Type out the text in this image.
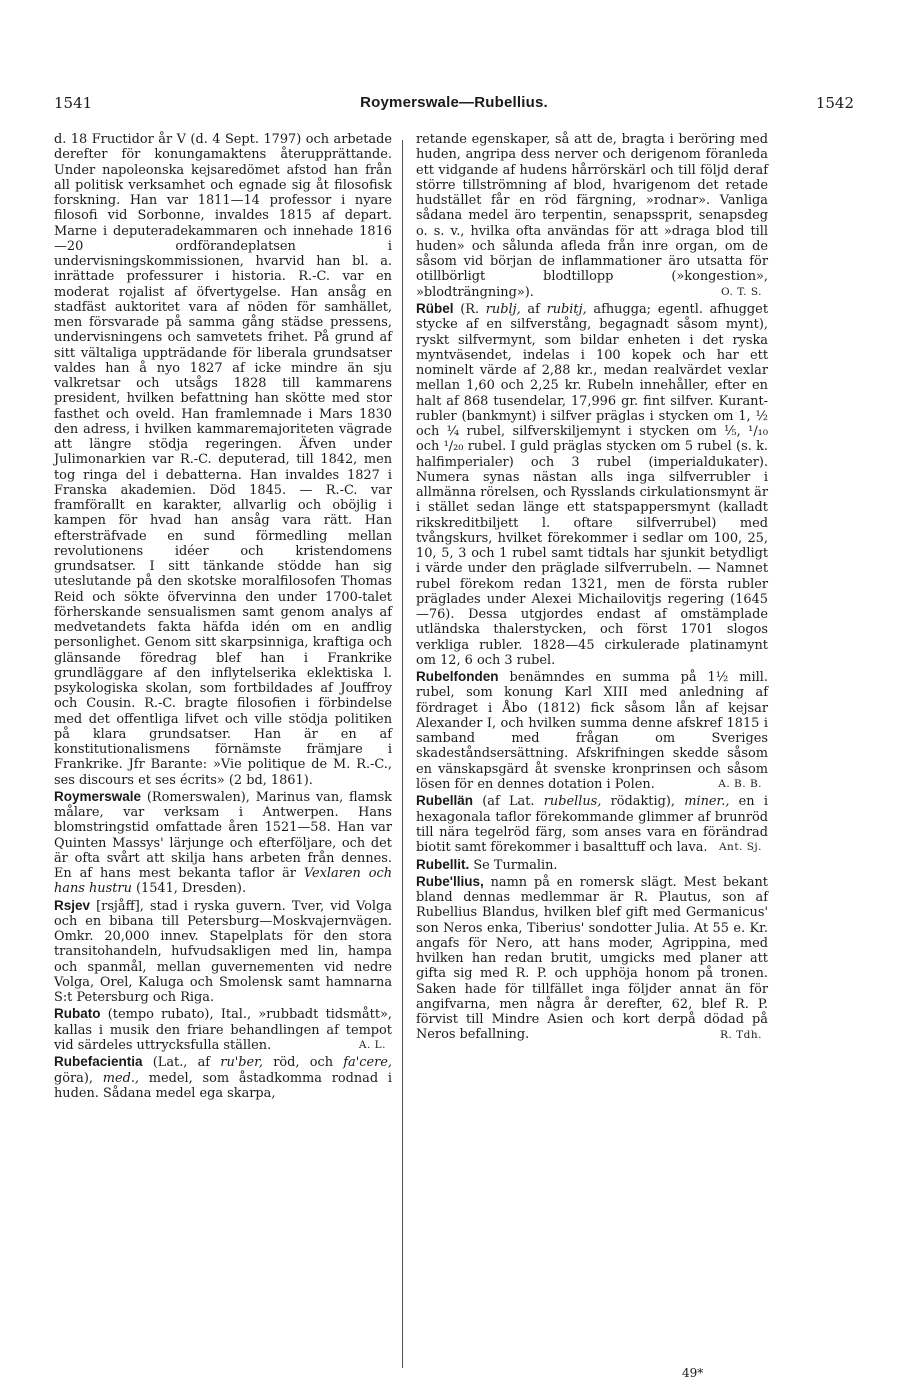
1541	Roymerswale—Rubellius.	1542

d. 18 Fructidor år V (d. 4 Sept. 1797) och arbetade derefter för konungamaktens återupprättande. Under napoleonska kejsaredömet afstod han från all politisk verksamhet och egnade sig åt filosofisk forskning. Han var 1811—14 professor i nyare filosofi vid Sorbonne, invaldes 1815 af depart. Marne i deputeradekammaren och innehade 1816—20 ordförandeplatsen i undervisningskommissionen, hvarvid han bl. a. inrättade professurer i historia. R.-C. var en moderat rojalist af öfvertygelse. Han ansåg en stadfäst auktoritet vara af nöden för samhället, men försvarade på samma gång städse pressens, undervisningens och samvetets frihet. På grund af sitt vältaliga uppträdande för liberala grundsatser valdes han å nyo 1827 af icke mindre än sju valkretsar och utsågs 1828 till kammarens president, hvilken befattning han skötte med stor fasthet och oveld. Han framlemnade i Mars 1830 den adress, i hvilken kammaremajoriteten vägrade att längre stödja regeringen. Äfven under Julimonarkien var R.-C. deputerad, till 1842, men tog ringa del i debatterna. Han invaldes 1827 i Franska akademien. Död 1845. — R.-C. var framförallt en karakter, allvarlig och oböjlig i kampen för hvad han ansåg vara rätt. Han eftersträfvade en sund förmedling mellan revolutionens idéer och kristendomens grundsatser. I sitt tänkande stödde han sig uteslutande på den skotske moralfilosofen Thomas Reid och sökte öfvervinna den under 1700-talet förherskande sensualismen samt genom analys af medvetandets fakta häfda idén om en andlig personlighet. Genom sitt skarpsinniga, kraftiga och glänsande föredrag blef han i Frankrike grundläggare af den inflytelserika eklektiska l. psykologiska skolan, som fortbildades af Jouffroy och Cousin. R.-C. bragte filosofien i förbindelse med det offentliga lifvet och ville stödja politiken på klara grundsatser. Han är en af konstitutionalismens förnämste främjare i Frankrike. Jfr Barante: »Vie politique de M. R.-C., ses discours et ses écrits» (2 bd, 1861).

Roymerswale (Romerswalen), Marinus van, flamsk målare, var verksam i Antwerpen. Hans blomstringstid omfattade åren 1521—58. Han var Quinten Massys' lärjunge och efterföljare, och det är ofta svårt att skilja hans arbeten från dennes. En af hans mest bekanta taflor är Vexlaren och hans hustru (1541, Dresden).

Rsjev [rsjåff], stad i ryska guvern. Tver, vid Volga och en bibana till Petersburg—Moskvajernvägen. Omkr. 20,000 innev. Stapelplats för den stora transitohandeln, hufvudsakligen med lin, hampa och spanmål, mellan guvernementen vid nedre Volga, Orel, Kaluga och Smolensk samt hamnarna S:t Petersburg och Riga.

Rubato (tempo rubato), Ital., »rubbadt tidsmått», kallas i musik den friare behandlingen af tempot vid särdeles uttrycksfulla ställen.	A. L.

Rubefacientia (Lat., af ru'ber, röd, och fa'cere, göra), med., medel, som åstadkomma rodnad i huden. Sådana medel ega skarpa,

retande egenskaper, så att de, bragta i beröring med huden, angripa dess nerver och derigenom föranleda ett vidgande af hudens hårrörskärl och till följd deraf större tillströmning af blod, hvarigenom det retade hudstället får en röd färgning, »rodnar». Vanliga sådana medel äro terpentin, senapssprit, senapsdeg o. s. v., hvilka ofta användas för att »draga blod till huden» och sålunda afleda från inre organ, om de såsom vid början de inflammationer äro utsatta för otillbörligt blodtillopp (»kongestion», »blodträngning»).	O. T. S.

Rübel (R. rublj, af rubitj, afhugga; egentl. afhugget stycke af en silfverstång, begagnadt såsom mynt), ryskt silfvermynt, som bildar enheten i det ryska myntväsendet, indelas i 100 kopek och har ett nominelt värde af 2,88 kr., medan realvärdet vexlar mellan 1,60 och 2,25 kr. Rubeln innehåller, efter en halt af 868 tusendelar, 17,996 gr. fint silfver. Kurant-rubler (bankmynt) i silfver präglas i stycken om 1, ½ och ¼ rubel, silfverskiljemynt i stycken om ⅕, ¹/₁₀ och ¹/₂₀ rubel. I guld präglas stycken om 5 rubel (s. k. halfimperialer) och 3 rubel (imperialdukater). Numera synas nästan alls inga silfverrubler i allmänna rörelsen, och Rysslands cirkulationsmynt är i stället sedan länge ett statspappersmynt (kalladt rikskreditbiljett l. oftare silfverrubel) med tvångskurs, hvilket förekommer i sedlar om 100, 25, 10, 5, 3 och 1 rubel samt tidtals har sjunkit betydligt i värde under den präglade silfverrubeln. — Namnet rubel förekom redan 1321, men de första rubler präglades under Alexei Michailovitjs regering (1645—76). Dessa utgjordes endast af omstämplade utländska thalerstycken, och först 1701 slogos verkliga rubler. 1828—45 cirkulerade platinamynt om 12, 6 och 3 rubel.

Rubelfonden benämndes en summa på 1½ mill. rubel, som konung Karl XIII med anledning af fördraget i Åbo (1812) fick såsom lån af kejsar Alexander I, och hvilken summa denne afskref 1815 i samband med frågan om Sveriges skadeståndsersättning. Afskrifningen skedde såsom en vänskapsgärd åt svenske kronprinsen och såsom lösen för en dennes dotation i Polen.	A. B. B.

Rubellän (af Lat. rubellus, rödaktig), miner., en i hexagonala taflor förekommande glimmer af brunröd till nära tegelröd färg, som anses vara en förändrad biotit samt förekommer i basalttuff och lava.	Ant. Sj.

Rubellit. Se Turmalin.

Rube'llius, namn på en romersk slägt. Mest bekant bland dennas medlemmar är R. Plautus, son af Rubellius Blandus, hvilken blef gift med Germanicus' son Neros enka, Tiberius' sondotter Julia. At 55 e. Kr. angafs för Nero, att hans moder, Agrippina, med hvilken han redan brutit, umgicks med planer att gifta sig med R. P. och upphöja honom på tronen. Saken hade för tillfället inga följder annat än för angifvarna, men några år derefter, 62, blef R. P. förvist till Mindre Asien och kort derpå dödad på Neros befallning.	R. Tdh.

49*
